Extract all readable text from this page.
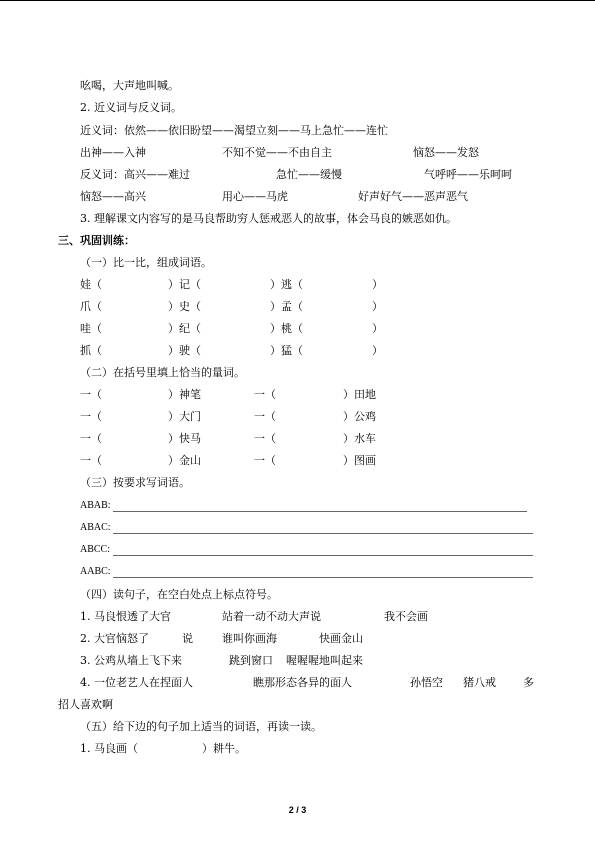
吆喝，大声地叫喊。
2. 近义词与反义词。
近义词：依然——依旧盼望——渴望立刻——马上急忙——连忙
出神——入神	不知不觉——不由自主	恼怒——发怒
反义词：高兴——难过	急忙——缓慢	气呼呼——乐呵呵
恼怒——高兴	用心——马虎	好声好气——恶声恶气
3. 理解课文内容写的是马良帮助穷人惩戒恶人的故事，体会马良的嫉恶如仇。
三、巩固训练：
（一）比一比，组成词语。
娃（	）记（	）逃（	）
爪（	）史（	）孟（	）
哇（	）纪（	）桃（	）
抓（	）驶（	）猛（	）
（二）在括号里填上恰当的量词。
一（	）神笔	一（	）田地
一（	）大门	一（	）公鸡
一（	）快马	一（	）水车
一（	）金山	一（	）图画
（三）按要求写词语。
ABAB:
ABAC:
ABCC:
AABC:
（四）读句子，在空白处点上标点符号。
1. 马良恨透了大官	站着一动不动大声说	我不会画
2. 大官恼怒了	说	谁叫你画海	快画金山
3. 公鸡从墙上飞下来	跳到窗口 喔喔喔地叫起来
4. 一位老艺人在捏面人	瞧那形态各异的面人	孙悟空 猪八戒 多
招人喜欢啊
（五）给下边的句子加上适当的词语，再读一读。
1. 马良画（	）耕牛。
2 / 3
